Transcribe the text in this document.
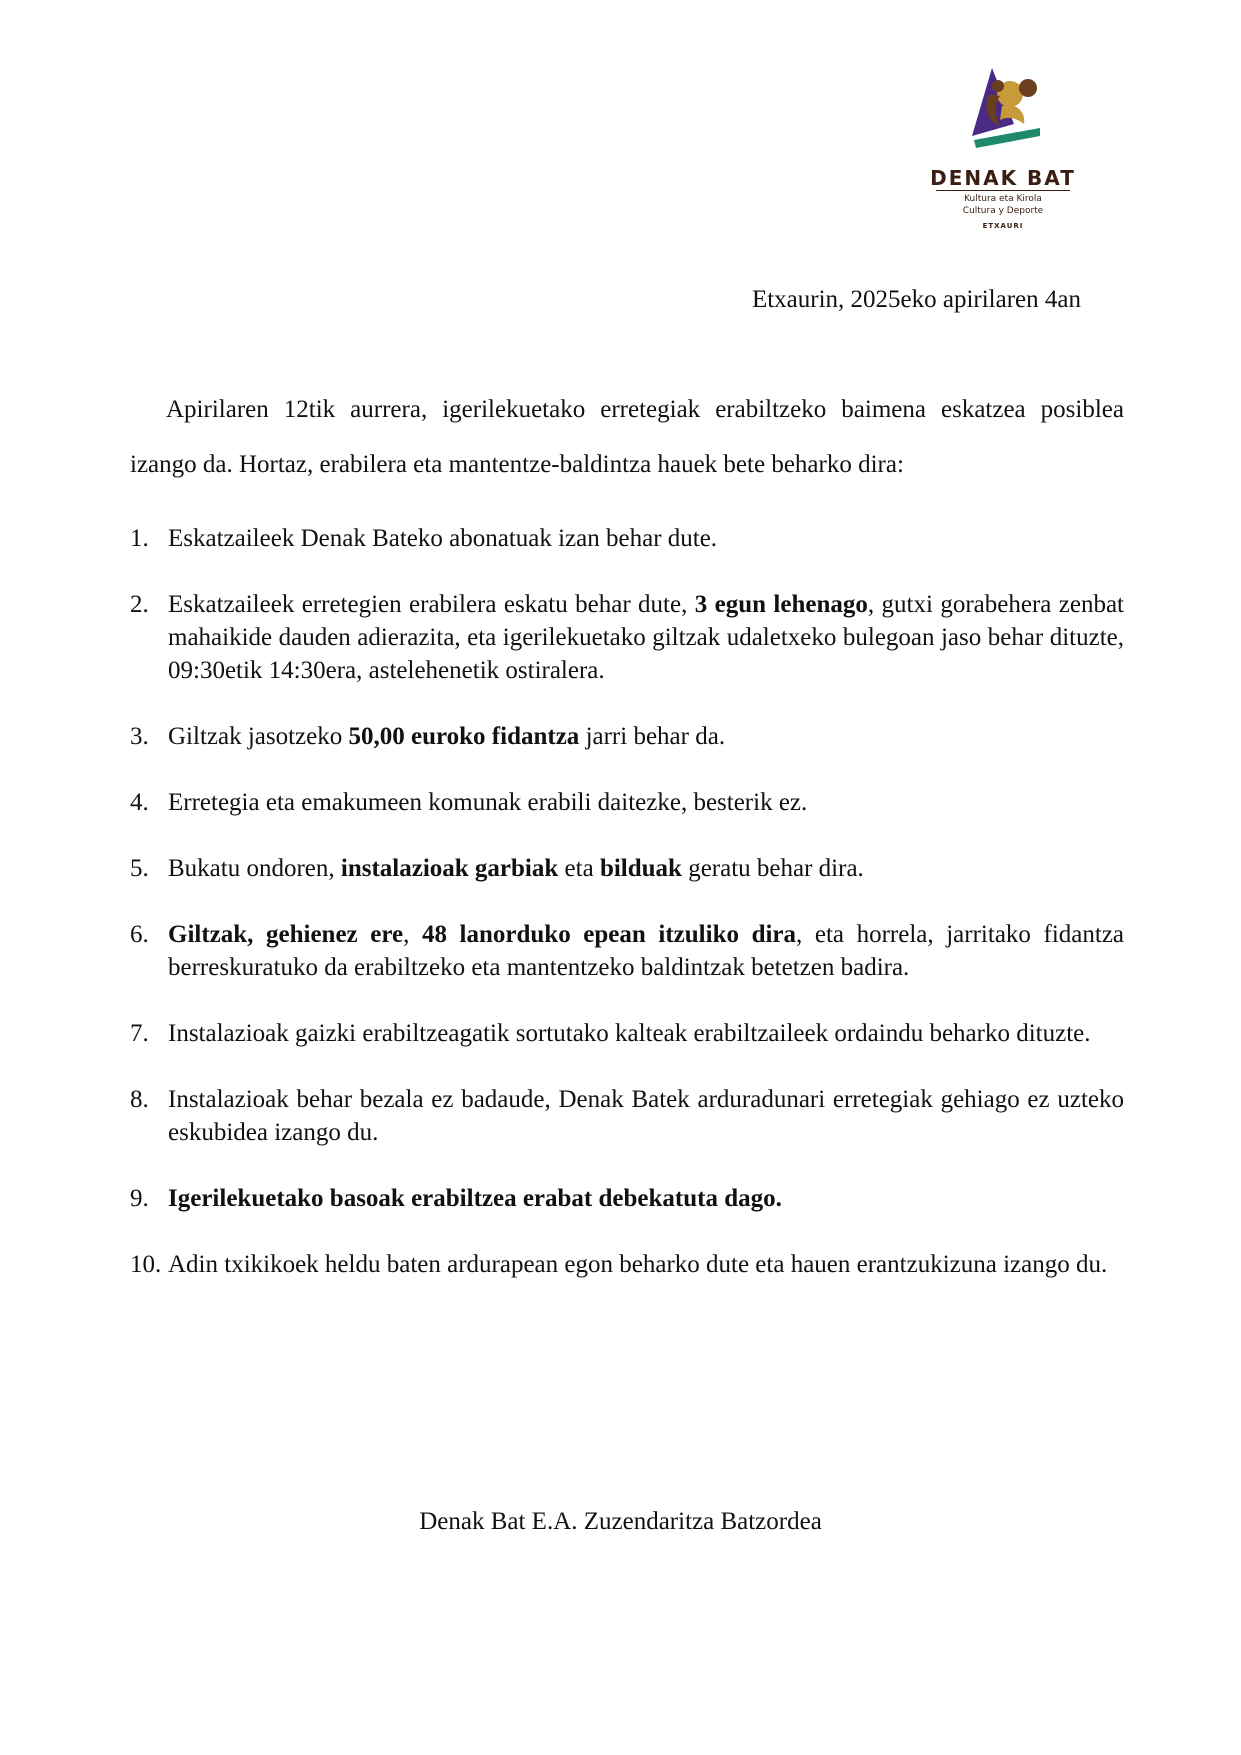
DENAK BAT
Kultura eta Kirola
Cultura y Deporte
ETXAURI
Etxaurin, 2025eko apirilaren 4an
Apirilaren 12tik aurrera, igerilekuetako erretegiak erabiltzeko baimena eskatzea posiblea izango da. Hortaz, erabilera eta mantentze-baldintza hauek bete beharko dira:
1. Eskatzaileek Denak Bateko abonatuak izan behar dute.
2. Eskatzaileek erretegien erabilera eskatu behar dute, 3 egun lehenago, gutxi gorabehera zenbat mahaikide dauden adierazita, eta igerilekuetako giltzak udaletxeko bulegoan jaso behar dituzte, 09:30etik 14:30era, astelehenetik ostiralera.
3. Giltzak jasotzeko 50,00 euroko fidantza jarri behar da.
4. Erretegia eta emakumeen komunak erabili daitezke, besterik ez.
5. Bukatu ondoren, instalazioak garbiak eta bilduak geratu behar dira.
6. Giltzak, gehienez ere, 48 lanorduko epean itzuliko dira, eta horrela, jarritako fidantza berreskuratuko da erabiltzeko eta mantentzeko baldintzak betetzen badira.
7. Instalazioak gaizki erabiltzeagatik sortutako kalteak erabiltzaileek ordaindu beharko dituzte.
8. Instalazioak behar bezala ez badaude, Denak Batek arduradunari erretegiak gehiago ez uzteko eskubidea izango du.
9. Igerilekuetako basoak erabiltzea erabat debekatuta dago.
10. Adin txikikoek heldu baten ardurapean egon beharko dute eta hauen erantzukizuna izango du.
Denak Bat E.A. Zuzendaritza Batzordea
